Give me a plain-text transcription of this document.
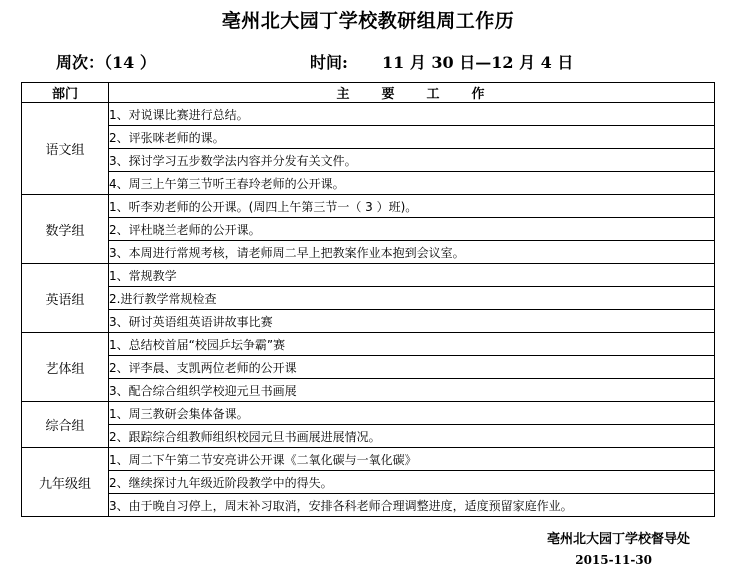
亳州北大园丁学校教研组周工作历
周次：（14 ）	时间: 11 月 30 日—12 月 4 日
部门	主　　要　　工　　作
语文组	1、对说课比赛进行总结。
	2、评张咪老师的课。
	3、探讨学习五步数学法内容并分发有关文件。
	4、周三上午第三节听王春玲老师的公开课。
数学组	1、听李劝老师的公开课。(周四上午第三节一（ 3 ）班)。
	2、评杜晓兰老师的公开课。
	3、本周进行常规考核，请老师周二早上把教案作业本抱到会议室。
英语组	1、常规教学
	2.进行教学常规检查
	3、研讨英语组英语讲故事比赛
艺体组	1、总结校首届“校园乒坛争霸”赛
	2、评李晨、支凯两位老师的公开课
	3、配合综合组织学校迎元旦书画展
综合组	1、周三教研会集体备课。
	2、跟踪综合组教师组织校园元旦书画展进展情况。
九年级组	1、周二下午第二节安亮讲公开课《二氧化碳与一氧化碳》
	2、继续探讨九年级近阶段教学中的得失。
	3、由于晚自习停上，周末补习取消，安排各科老师合理调整进度，适度预留家庭作业。
亳州北大园丁学校督导处
2015-11-30
